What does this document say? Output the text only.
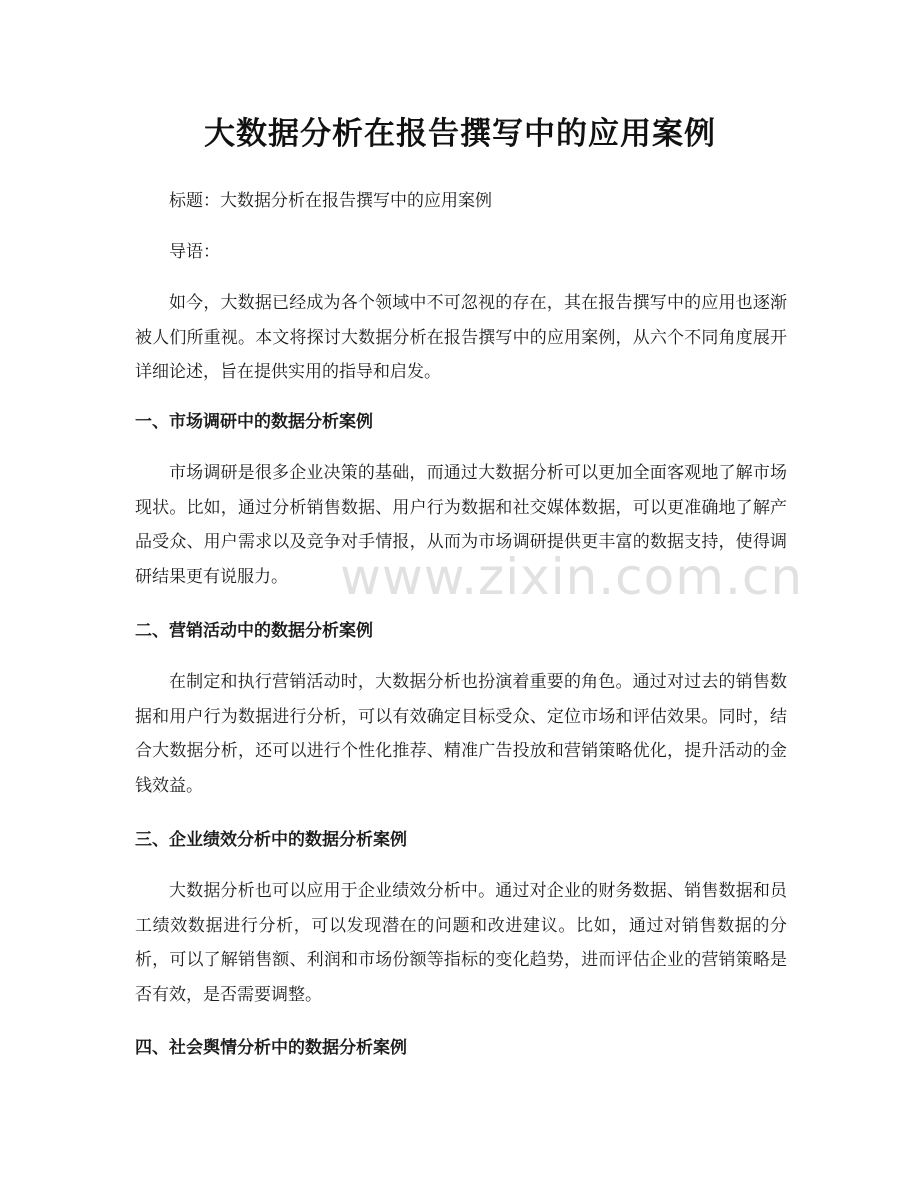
大数据分析在报告撰写中的应用案例

标题：大数据分析在报告撰写中的应用案例

导语：

如今，大数据已经成为各个领域中不可忽视的存在，其在报告撰写中的应用也逐渐被人们所重视。本文将探讨大数据分析在报告撰写中的应用案例，从六个不同角度展开详细论述，旨在提供实用的指导和启发。

一、市场调研中的数据分析案例

市场调研是很多企业决策的基础，而通过大数据分析可以更加全面客观地了解市场现状。比如，通过分析销售数据、用户行为数据和社交媒体数据，可以更准确地了解产品受众、用户需求以及竞争对手情报，从而为市场调研提供更丰富的数据支持，使得调研结果更有说服力。

二、营销活动中的数据分析案例

在制定和执行营销活动时，大数据分析也扮演着重要的角色。通过对过去的销售数据和用户行为数据进行分析，可以有效确定目标受众、定位市场和评估效果。同时，结合大数据分析，还可以进行个性化推荐、精准广告投放和营销策略优化，提升活动的金钱效益。

三、企业绩效分析中的数据分析案例

大数据分析也可以应用于企业绩效分析中。通过对企业的财务数据、销售数据和员工绩效数据进行分析，可以发现潜在的问题和改进建议。比如，通过对销售数据的分析，可以了解销售额、利润和市场份额等指标的变化趋势，进而评估企业的营销策略是否有效，是否需要调整。

四、社会舆情分析中的数据分析案例
www.zixin.com.cn
